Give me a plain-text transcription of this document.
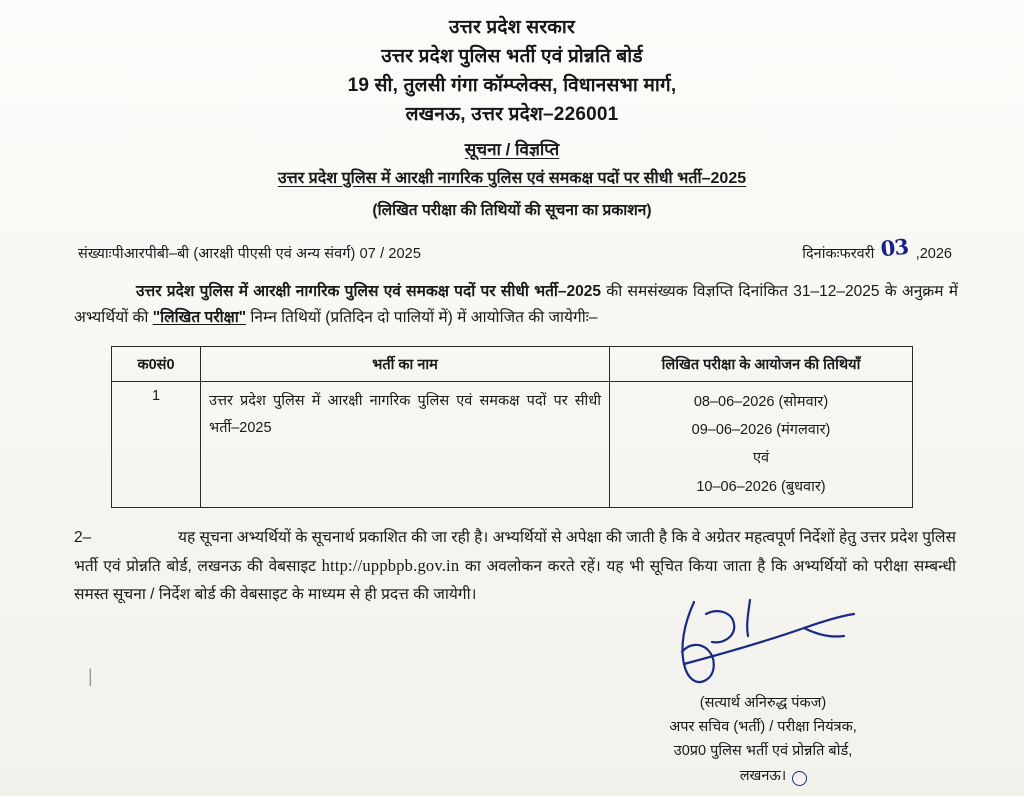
उत्तर प्रदेश सरकार
उत्तर प्रदेश पुलिस भर्ती एवं प्रोन्नति बोर्ड
19 सी, तुलसी गंगा कॉम्प्लेक्स, विधानसभा मार्ग,
लखनऊ, उत्तर प्रदेश–226001
सूचना / विज्ञप्ति
उत्तर प्रदेश पुलिस में आरक्षी नागरिक पुलिस एवं समकक्ष पदों पर सीधी भर्ती–2025
(लिखित परीक्षा की तिथियों की सूचना का प्रकाशन)
संख्याःपीआरपीबी–बी (आरक्षी पीएसी एवं अन्य संवर्ग) 07 / 2025	दिनांकःफरवरी 03 ,2026
उत्तर प्रदेश पुलिस में आरक्षी नागरिक पुलिस एवं समकक्ष पदों पर सीधी भर्ती–2025 की समसंख्यक विज्ञप्ति दिनांकित 31–12–2025 के अनुक्रम में अभ्यर्थियों की "लिखित परीक्षा" निम्न तिथियों (प्रतिदिन दो पालियों में) में आयोजित की जायेगीः–
क0सं0	भर्ती का नाम	लिखित परीक्षा के आयोजन की तिथियाँ
1	उत्तर प्रदेश पुलिस में आरक्षी नागरिक पुलिस एवं समकक्ष पदों पर सीधी भर्ती–2025	08–06–2026 (सोमवार)
09–06–2026 (मंगलवार)
एवं
10–06–2026 (बुधवार)
2–	यह सूचना अभ्यर्थियों के सूचनार्थ प्रकाशित की जा रही है। अभ्यर्थियों से अपेक्षा की जाती है कि वे अग्रेतर महत्वपूर्ण निर्देशों हेतु उत्तर प्रदेश पुलिस भर्ती एवं प्रोन्नति बोर्ड, लखनऊ की वेबसाइट http://uppbpb.gov.in का अवलोकन करते रहें। यह भी सूचित किया जाता है कि अभ्यर्थियों को परीक्षा सम्बन्धी समस्त सूचना / निर्देश बोर्ड की वेबसाइट के माध्यम से ही प्रदत्त की जायेगी।
(सत्यार्थ अनिरुद्ध पंकज)
अपर सचिव (भर्ती) / परीक्षा नियंत्रक,
उ0प्र0 पुलिस भर्ती एवं प्रोन्नति बोर्ड,
लखनऊ।
|
